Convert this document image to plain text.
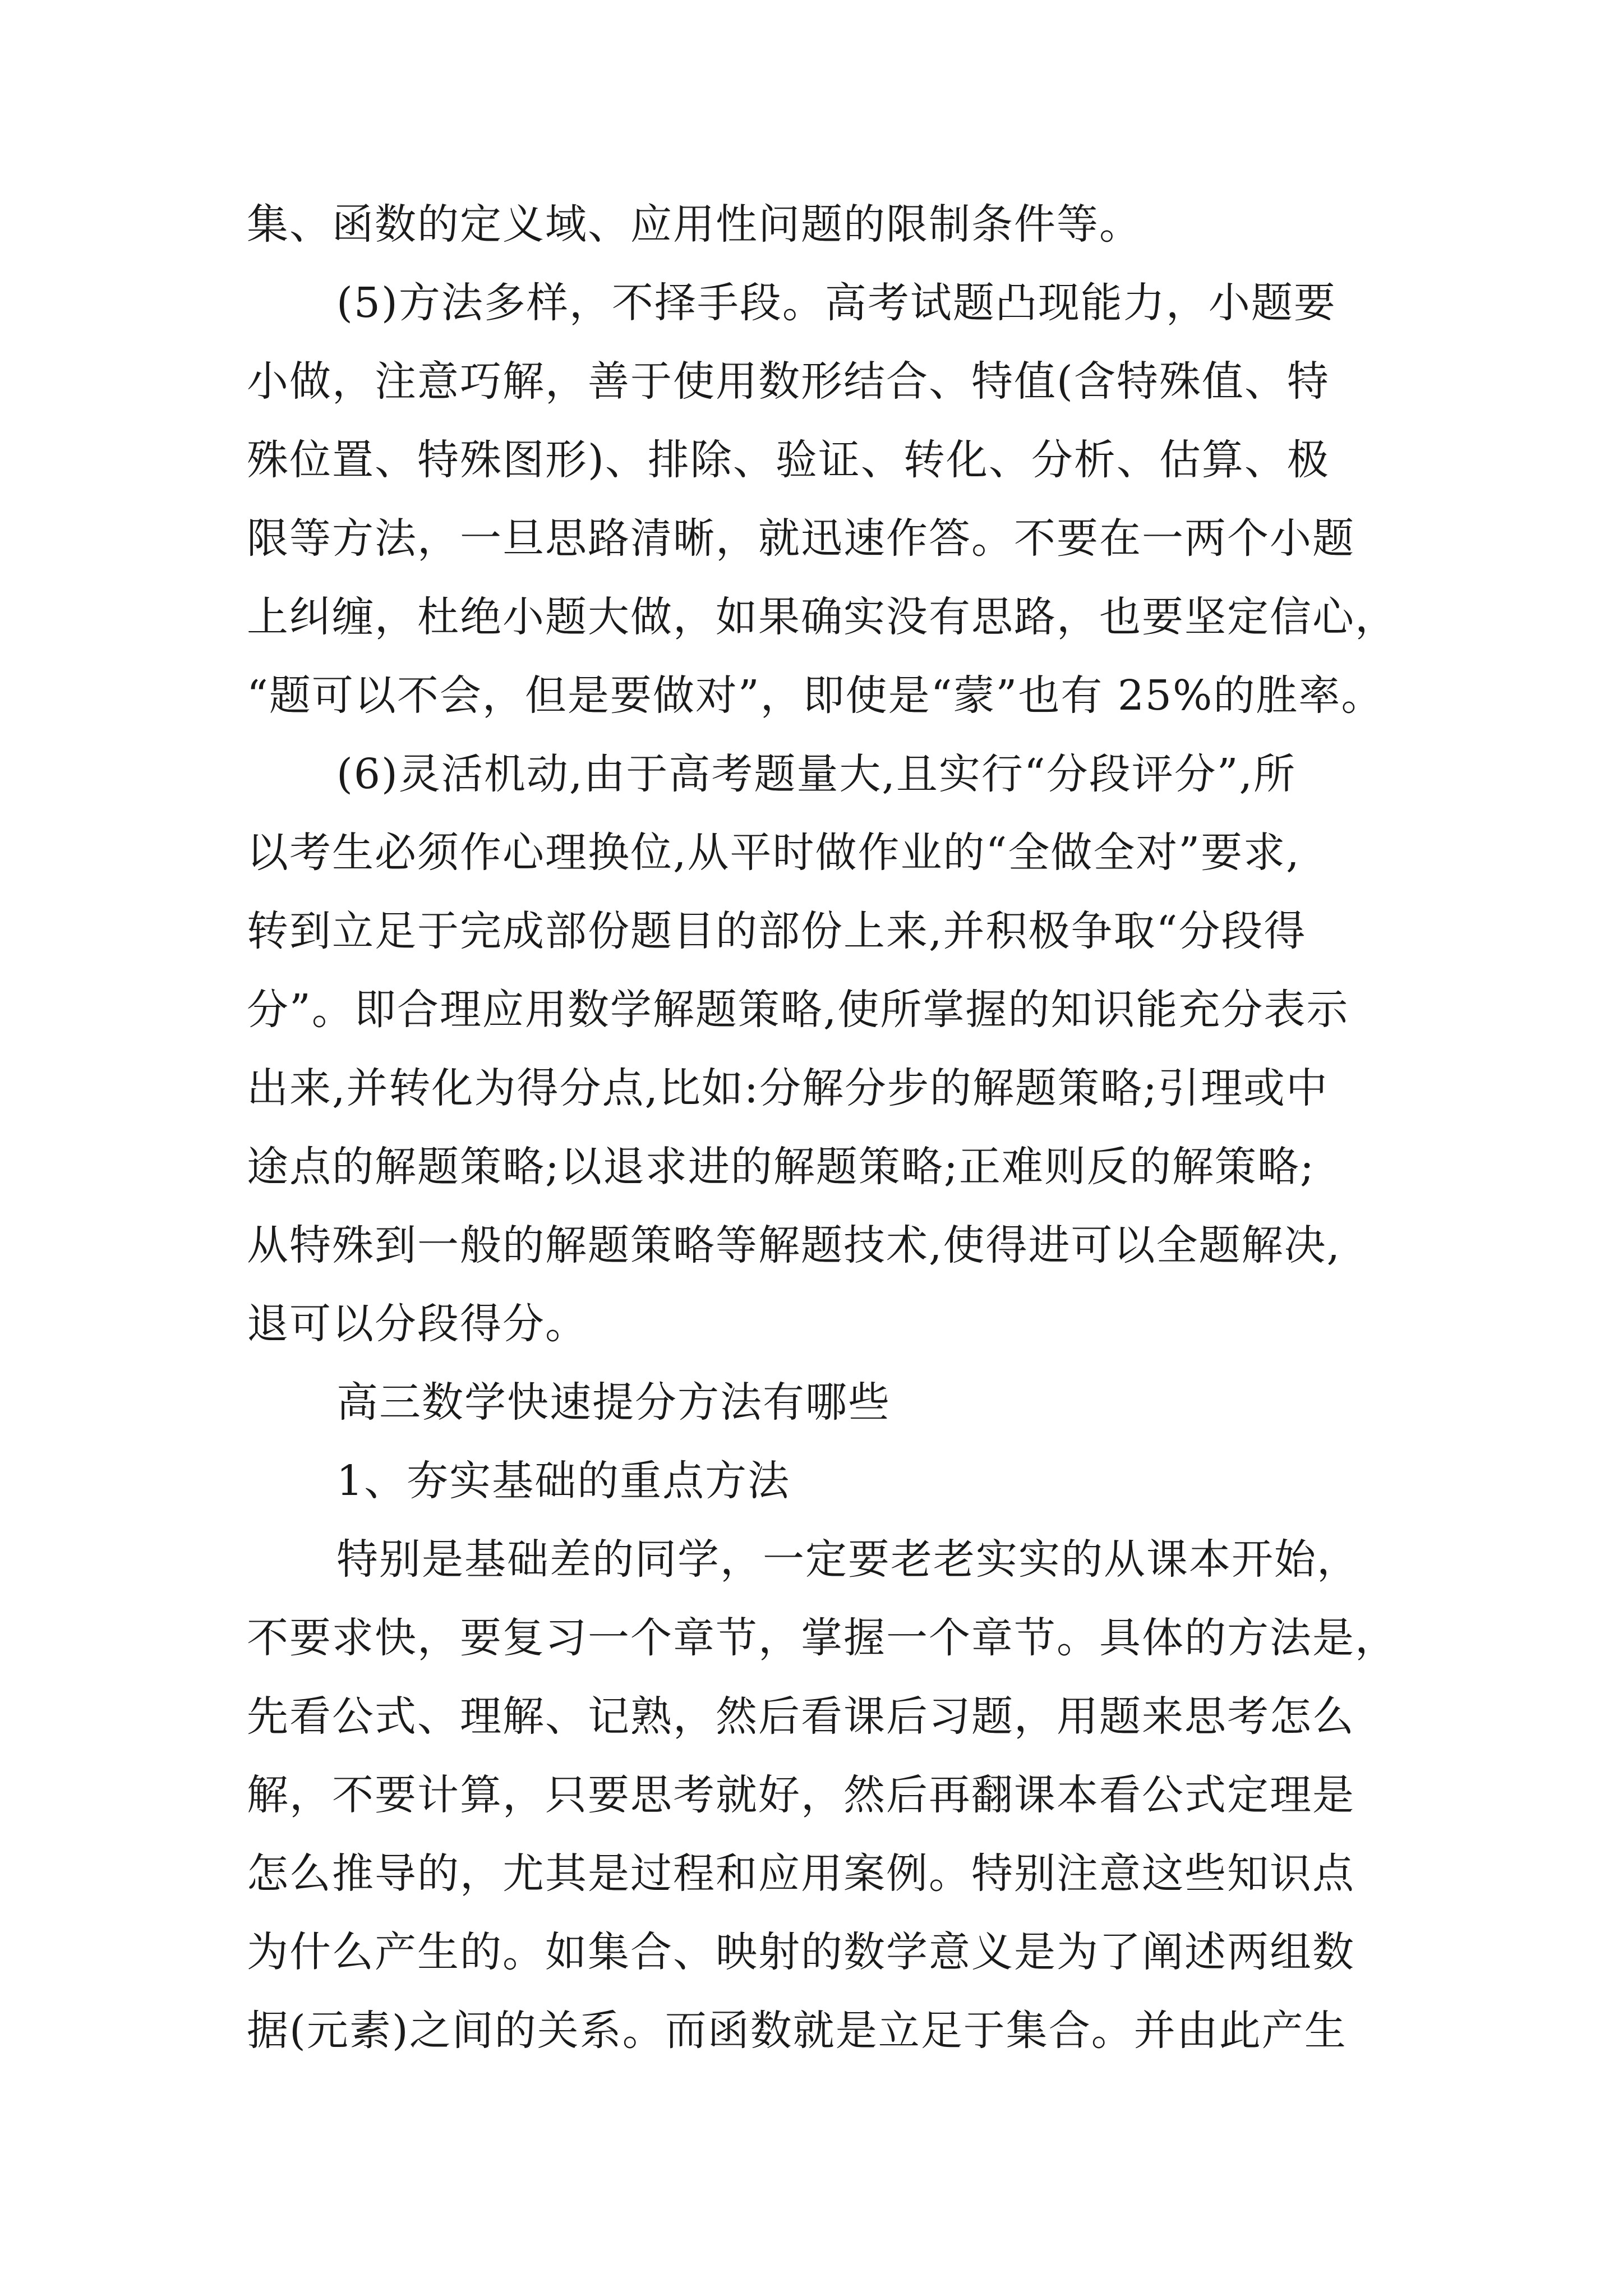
集、函数的定义域、应用性问题的限制条件等。
(5)方法多样，不择手段。高考试题凸现能力，小题要
小做，注意巧解，善于使用数形结合、特值(含特殊值、特
殊位置、特殊图形)、排除、验证、转化、分析、估算、极
限等方法，一旦思路清晰，就迅速作答。不要在一两个小题
上纠缠，杜绝小题大做，如果确实没有思路，也要坚定信心，
“题可以不会，但是要做对”，即使是“蒙”也有 25%的胜率。
(6)灵活机动,由于高考题量大,且实行“分段评分”,所
以考生必须作心理换位,从平时做作业的“全做全对”要求,
转到立足于完成部份题目的部份上来,并积极争取“分段得
分”。即合理应用数学解题策略,使所掌握的知识能充分表示
出来,并转化为得分点,比如:分解分步的解题策略;引理或中
途点的解题策略;以退求进的解题策略;正难则反的解策略;
从特殊到一般的解题策略等解题技术,使得进可以全题解决,
退可以分段得分。
高三数学快速提分方法有哪些
1、夯实基础的重点方法
特别是基础差的同学，一定要老老实实的从课本开始，
不要求快，要复习一个章节，掌握一个章节。具体的方法是，
先看公式、理解、记熟，然后看课后习题，用题来思考怎么
解，不要计算，只要思考就好，然后再翻课本看公式定理是
怎么推导的，尤其是过程和应用案例。特别注意这些知识点
为什么产生的。如集合、映射的数学意义是为了阐述两组数
据(元素)之间的关系。而函数就是立足于集合。并由此产生
